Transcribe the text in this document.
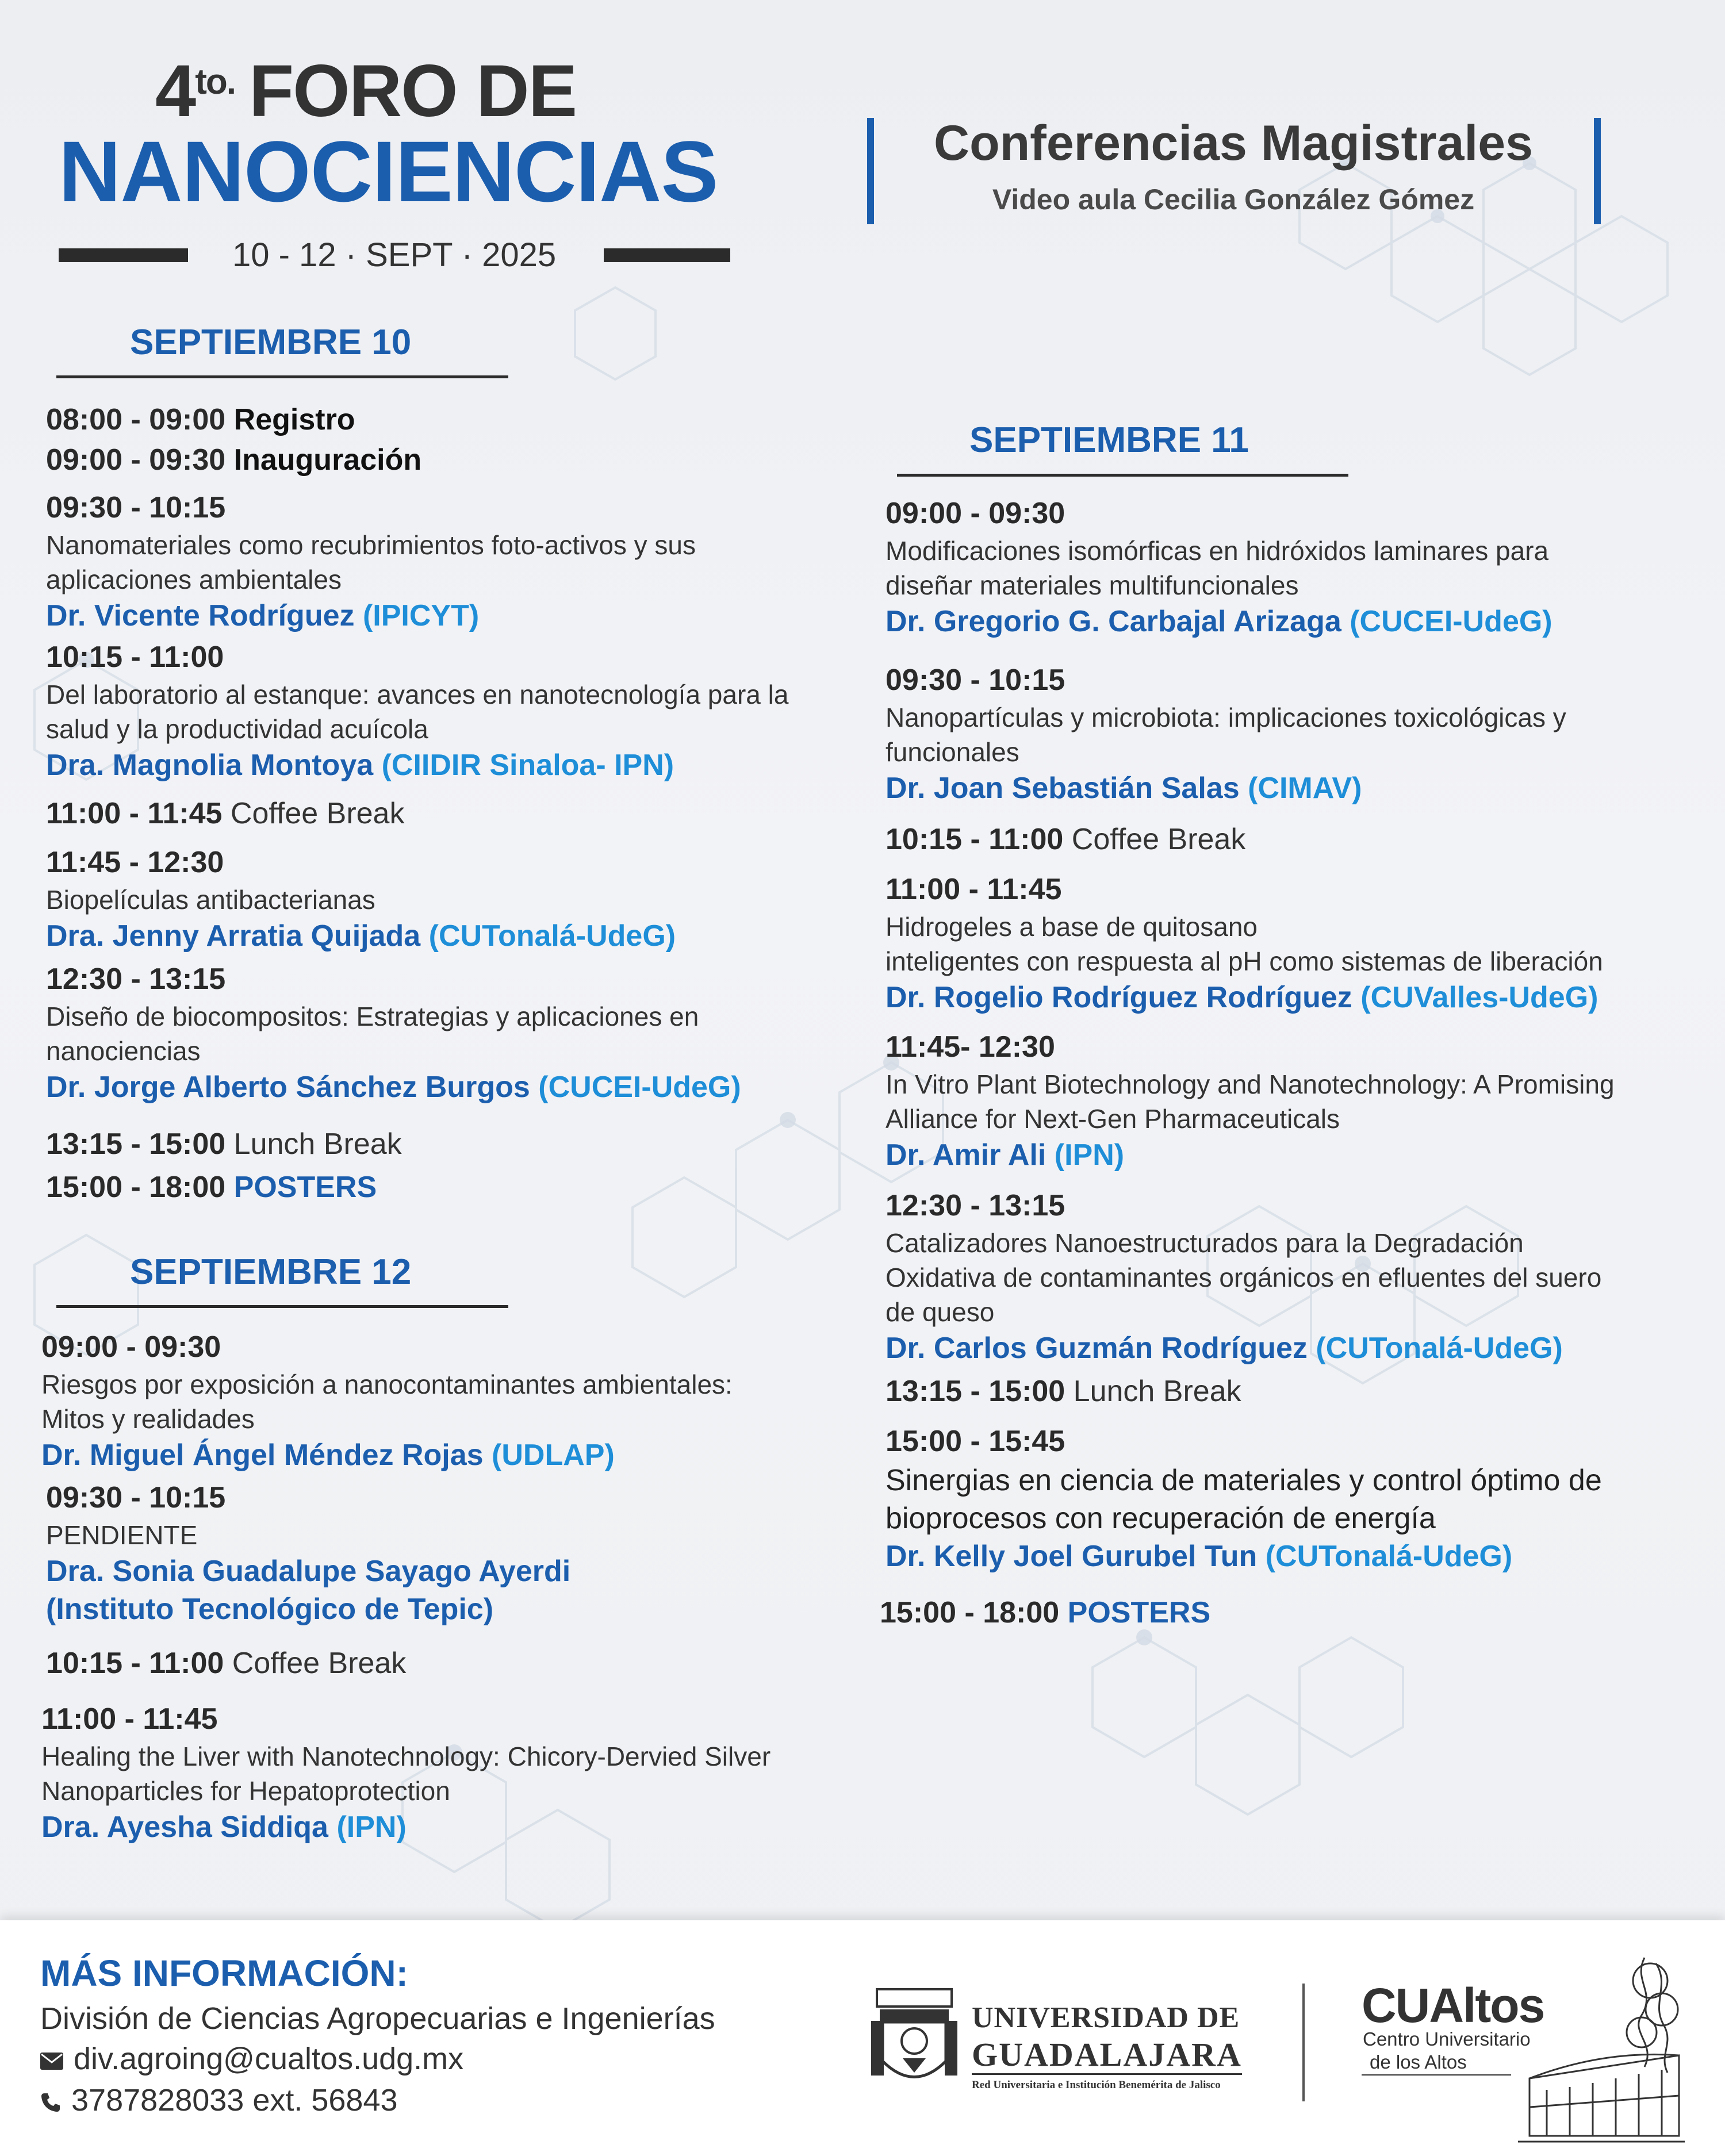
$4^{to.}$ FORO DE
NANOCIENCIAS
10 - 12 · SEPT · 2025
Conferencias Magistrales
Video aula Cecilia González Gómez
SEPTIEMBRE 10
08:00 - 09:00 Registro
09:00 - 09:30 Inauguración
09:30 - 10:15
Nanomateriales como recubrimientos foto-activos y sus
aplicaciones ambientales
Dr. Vicente Rodríguez (IPICYT)
10:15 - 11:00
Del laboratorio al estanque: avances en nanotecnología para la
salud y la productividad acuícola
Dra. Magnolia Montoya (CIIDIR Sinaloa- IPN)
11:00 - 11:45 Coffee Break
11:45 - 12:30
Biopelículas antibacterianas
Dra. Jenny Arratia Quijada (CUTonalá-UdeG)
12:30 - 13:15
Diseño de biocompositos: Estrategias y aplicaciones en
nanociencias
Dr. Jorge Alberto Sánchez Burgos (CUCEI-UdeG)
13:15 - 15:00 Lunch Break
15:00 - 18:00 POSTERS
SEPTIEMBRE 12
09:00 - 09:30
Riesgos por exposición a nanocontaminantes ambientales:
Mitos y realidades
Dr. Miguel Ángel Méndez Rojas (UDLAP)
09:30 - 10:15
PENDIENTE
Dra. Sonia Guadalupe Sayago Ayerdi
(Instituto Tecnológico de Tepic)
10:15 - 11:00 Coffee Break
11:00 - 11:45
Healing the Liver with Nanotechnology: Chicory-Dervied Silver
Nanoparticles for Hepatoprotection
Dra. Ayesha Siddiqa (IPN)
SEPTIEMBRE 11
09:00 - 09:30
Modificaciones isomórficas en hidróxidos laminares para
diseñar materiales multifuncionales
Dr. Gregorio G. Carbajal Arizaga (CUCEI-UdeG)
09:30 - 10:15
Nanopartículas y microbiota: implicaciones toxicológicas y
funcionales
Dr. Joan Sebastián Salas (CIMAV)
10:15 - 11:00 Coffee Break
11:00 - 11:45
Hidrogeles a base de quitosano
inteligentes con respuesta al pH como sistemas de liberación
Dr. Rogelio Rodríguez Rodríguez (CUValles-UdeG)
11:45- 12:30
In Vitro Plant Biotechnology and Nanotechnology: A Promising
Alliance for Next-Gen Pharmaceuticals
Dr. Amir Ali (IPN)
12:30 - 13:15
Catalizadores Nanoestructurados para la Degradación
Oxidativa de contaminantes orgánicos en efluentes del suero
de queso
Dr. Carlos Guzmán Rodríguez (CUTonalá-UdeG)
13:15 - 15:00 Lunch Break
15:00 - 15:45
Sinergias en ciencia de materiales y control óptimo de
bioprocesos con recuperación de energía
Dr. Kelly Joel Gurubel Tun (CUTonalá-UdeG)
15:00 - 18:00 POSTERS
MÁS INFORMACIÓN:
División de Ciencias Agropecuarias e Ingenierías
div.agroing@cualtos.udg.mx
3787828033 ext. 56843
UNIVERSIDAD DE
GUADALAJARA
Red Universitaria e Institución Benemérita de Jalisco
CUAltos
Centro Universitario
de los Altos
